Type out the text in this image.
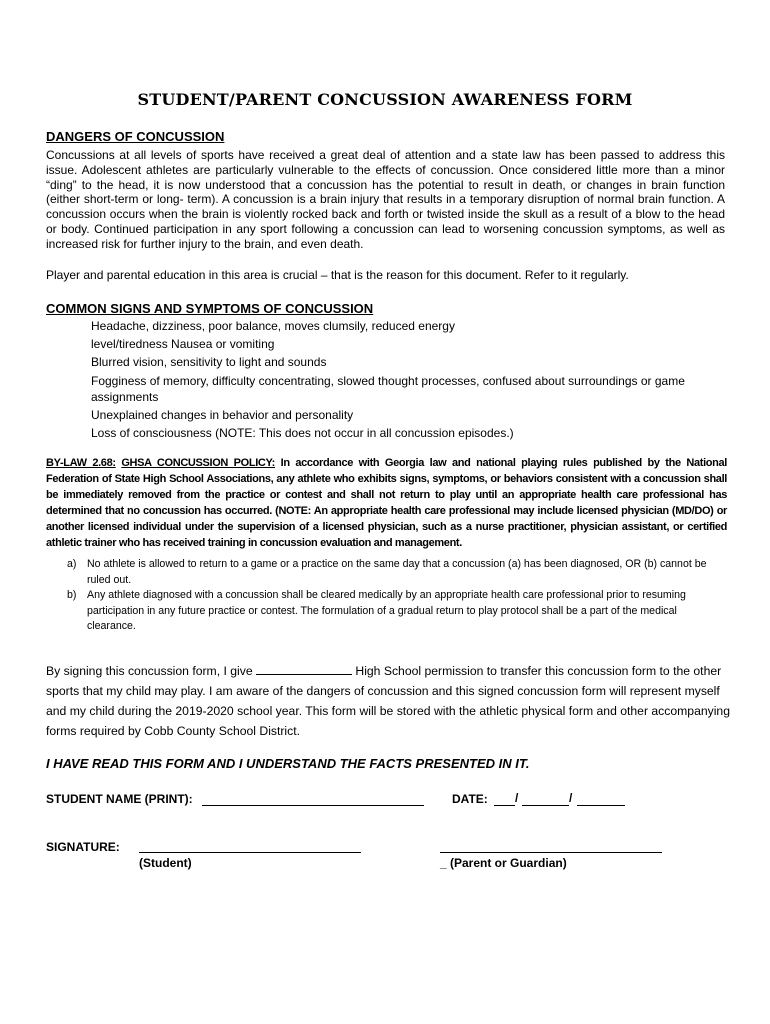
STUDENT/PARENT CONCUSSION AWARENESS FORM
DANGERS OF CONCUSSION
Concussions at all levels of sports have received a great deal of attention and a state law has been passed to address this issue. Adolescent athletes are particularly vulnerable to the effects of concussion. Once considered little more than a minor “ding” to the head, it is now understood that a concussion has the potential to result in death, or changes in brain function (either short-term or long- term). A concussion is a brain injury that results in a temporary disruption of normal brain function. A concussion occurs when the brain is violently rocked back and forth or twisted inside the skull as a result of a blow to the head or body. Continued participation in any sport following a concussion can lead to worsening concussion symptoms, as well as increased risk for further injury to the brain, and even death.
Player and parental education in this area is crucial – that is the reason for this document. Refer to it regularly.
COMMON SIGNS AND SYMPTOMS OF CONCUSSION
Headache, dizziness, poor balance, moves clumsily, reduced energy
level/tiredness Nausea or vomiting
Blurred vision, sensitivity to light and sounds
Fogginess of memory, difficulty concentrating, slowed thought processes, confused about surroundings or game assignments
Unexplained changes in behavior and personality
Loss of consciousness (NOTE: This does not occur in all concussion episodes.)
BY-LAW 2.68: GHSA CONCUSSION POLICY: In accordance with Georgia law and national playing rules published by the National Federation of State High School Associations, any athlete who exhibits signs, symptoms, or behaviors consistent with a concussion shall be immediately removed from the practice or contest and shall not return to play until an appropriate health care professional has determined that no concussion has occurred. (NOTE: An appropriate health care professional may include licensed physician (MD/DO) or another licensed individual under the supervision of a licensed physician, such as a nurse practitioner, physician assistant, or certified athletic trainer who has received training in concussion evaluation and management.
a) No athlete is allowed to return to a game or a practice on the same day that a concussion (a) has been diagnosed, OR (b) cannot be ruled out.
b) Any athlete diagnosed with a concussion shall be cleared medically by an appropriate health care professional prior to resuming participation in any future practice or contest. The formulation of a gradual return to play protocol shall be a part of the medical clearance.
By signing this concussion form, I give	High School permission to transfer this concussion form to the other sports that my child may play. I am aware of the dangers of concussion and this signed concussion form will represent myself and my child during the 2019-2020 school year. This form will be stored with the athletic physical form and other accompanying forms required by Cobb County School District.
I HAVE READ THIS FORM AND I UNDERSTAND THE FACTS PRESENTED IN IT.
STUDENT NAME (PRINT):	DATE: /	/
SIGNATURE:
(Student)	_ (Parent or Guardian)
